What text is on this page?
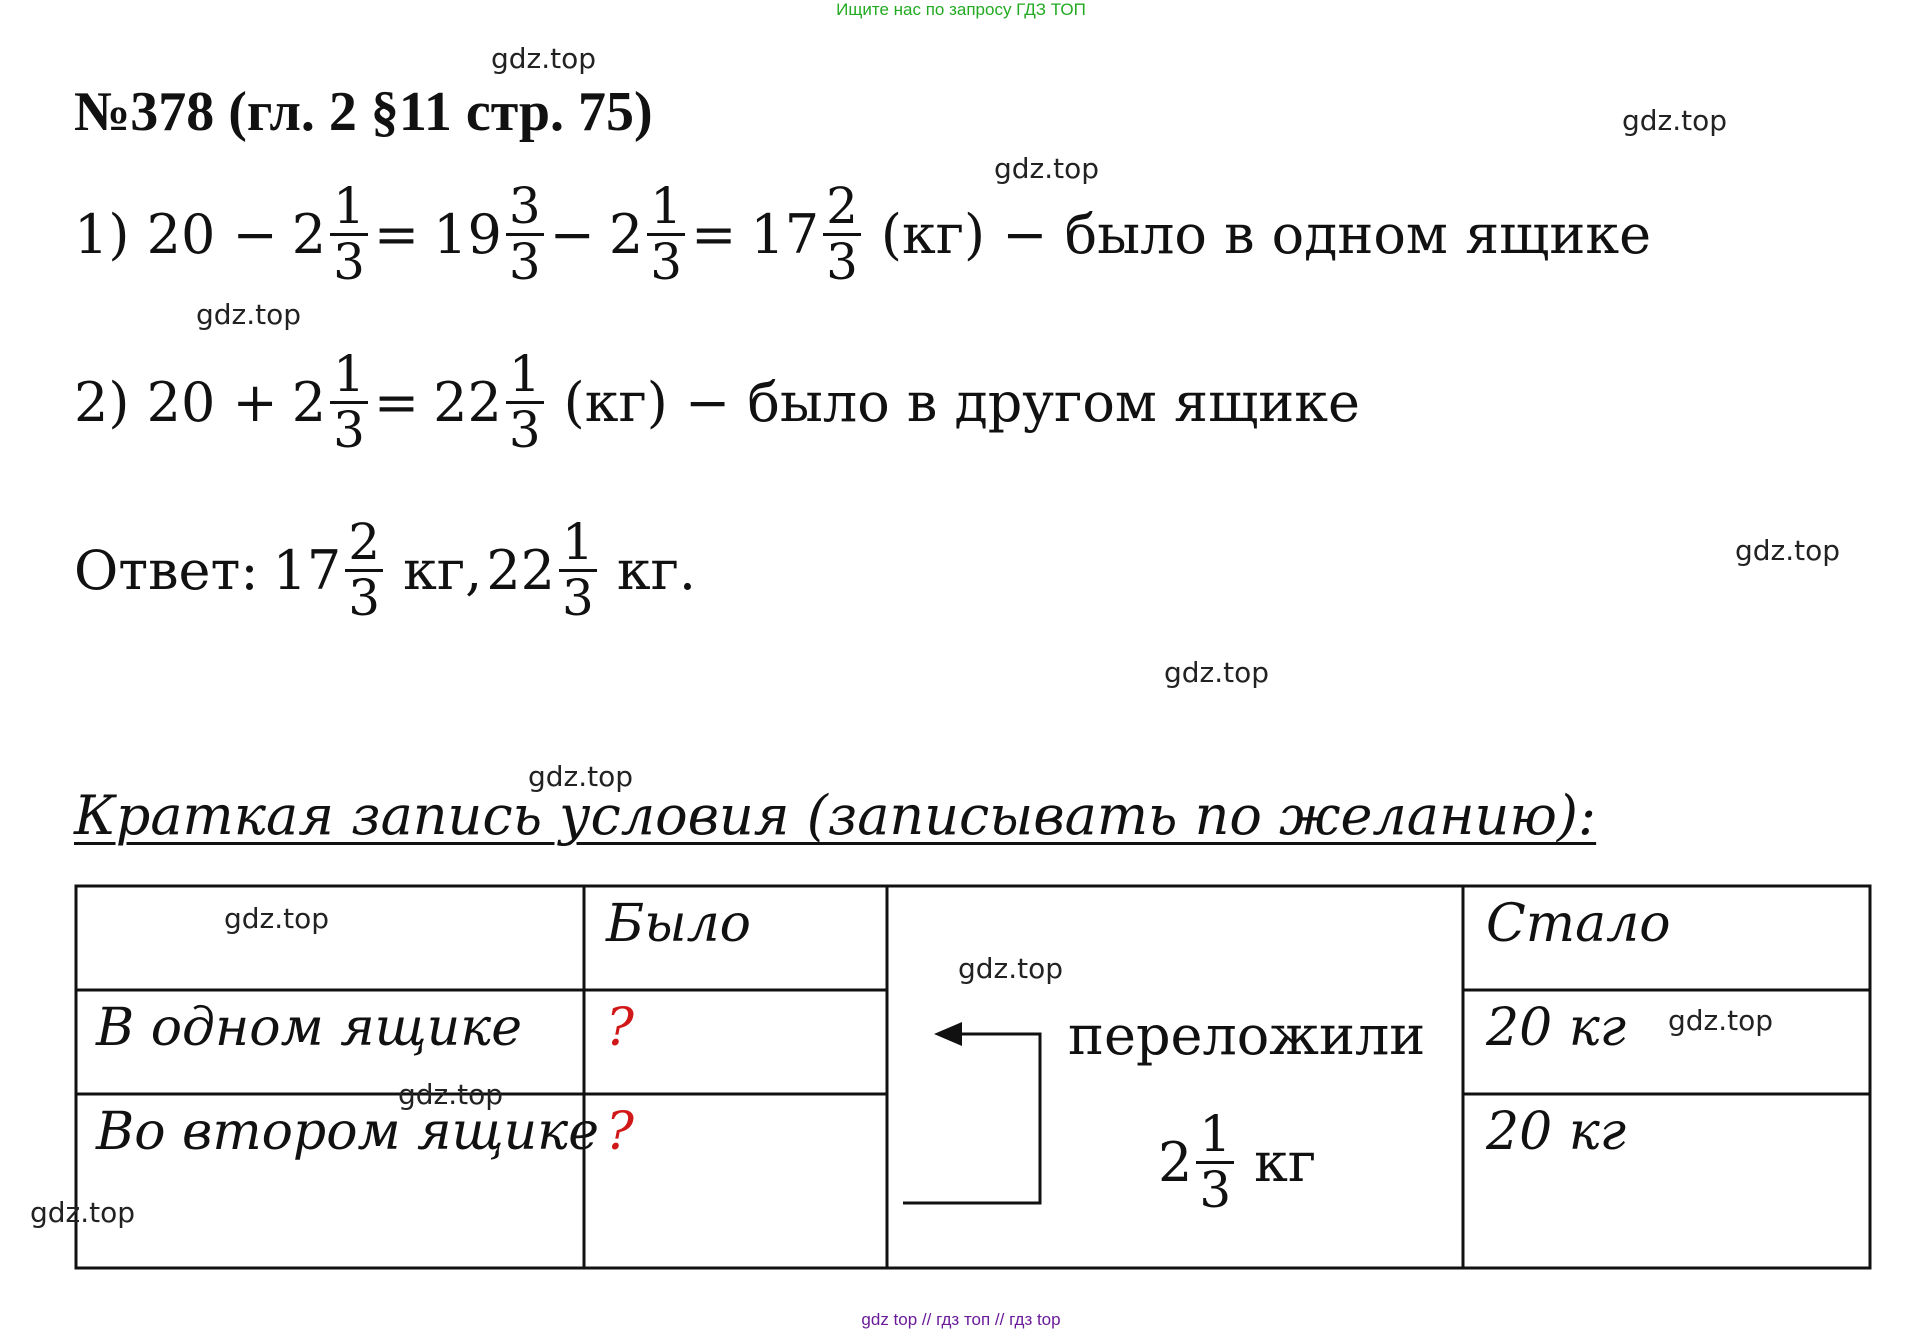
Ищите нас по запросу ГДЗ ТОП
№378 (гл. 2 §11 стр. 75)
1) $20 - 2 \frac{1}{3} = 19 \frac{3}{3} - 2 \frac{1}{3} = 17 \frac{2}{3} (кг)$ − было в одном ящике
2) $20 + 2 \frac{1}{3} = 22 \frac{1}{3} (кг)$ − было в другом ящике
Ответ: $17 \frac{2}{3}$ кг, $22 \frac{1}{3}$ кг.
Краткая запись условия (записывать по желанию):
Было	Стало
В одном ящике
Во втором ящике
?
?
переложили
$2 \frac{1}{3}$ кг
20 кг
20 кг
gdz.top
gdz.top
gdz.top
gdz.top
gdz.top
gdz.top
gdz.top
gdz.top
gdz.top
gdz.top
gdz.top
gdz.top
gdz top // гдз топ // гдз top
